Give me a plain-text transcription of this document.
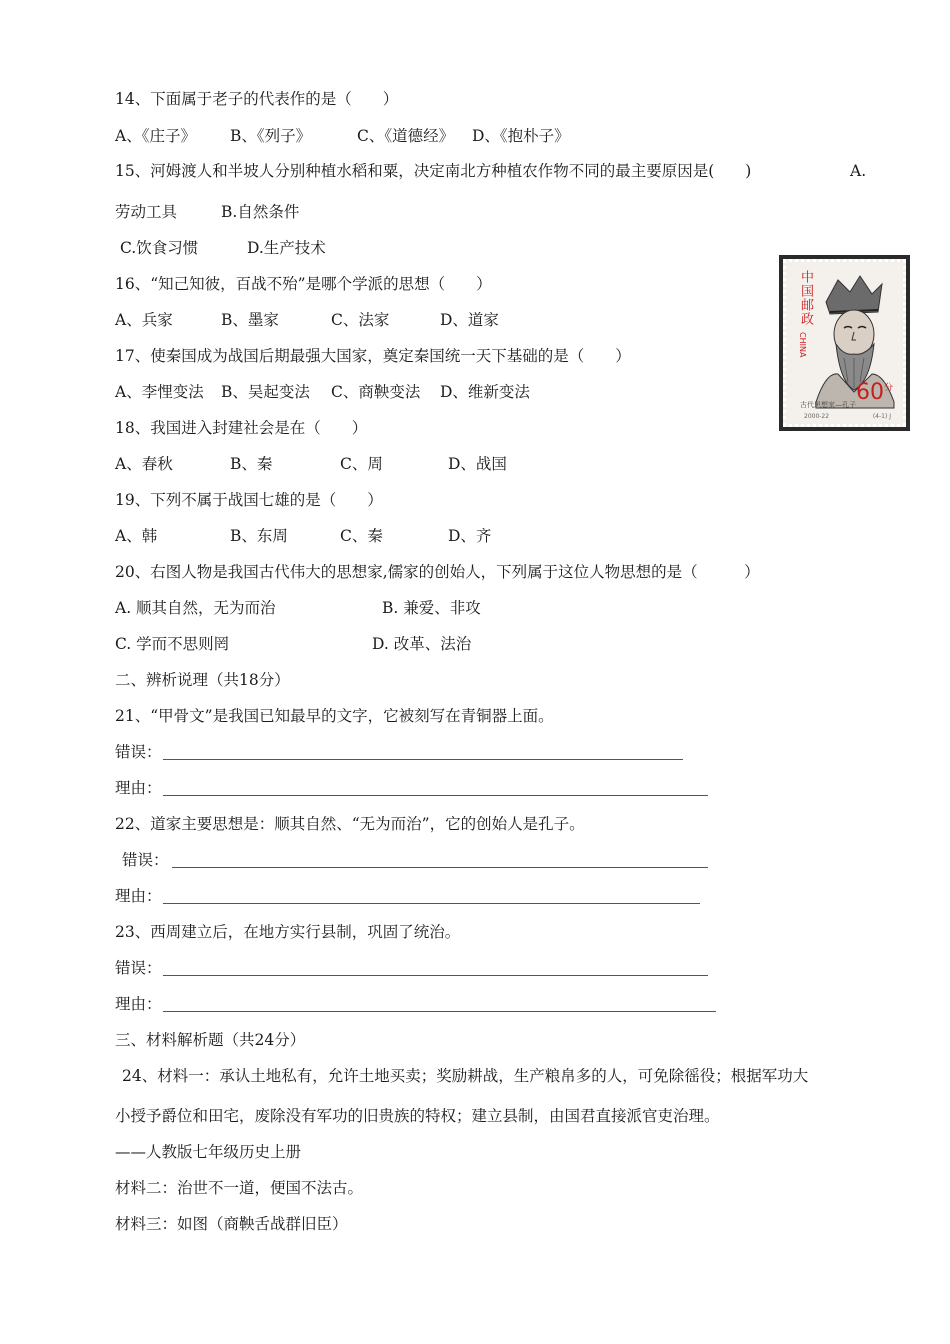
14、下面属于老子的代表作的是（　　）
A、《庄子》 B、《列子》	C、《道德经》 D、《抱朴子》
15、河姆渡人和半坡人分别种植水稻和粟，决定南北方种植农作物不同的最主要原因是(　　)	A.
劳动工具	B.自然条件
C.饮食习惯	D.生产技术
16、“知己知彼，百战不殆”是哪个学派的思想（　　）
A、兵家	B、墨家	C、法家	D、道家
17、使秦国成为战国后期最强大国家，奠定秦国统一天下基础的是（　　）
A、李悝变法 B、吴起变法 C、商鞅变法 D、维新变法
18、我国进入封建社会是在（　　）
A、春秋	B、秦	C、周	D、战国
19、下列不属于战国七雄的是（　　）
A、韩	B、东周	C、秦	D、齐
20、右图人物是我国古代伟大的思想家,儒家的创始人，下列属于这位人物思想的是（　　　）
A. 顺其自然，无为而治	B. 兼爱、非攻
C. 学而不思则罔	D. 改革、法治
二、辨析说理（共18分）
21、“甲骨文”是我国已知最早的文字，它被刻写在青铜器上面。
错误：
理由：
22、道家主要思想是：顺其自然、“无为而治”，它的创始人是孔子。
错误：
理由：
23、西周建立后，在地方实行县制，巩固了统治。
错误：
理由：
三、材料解析题（共24分）
24、材料一：承认土地私有，允许土地买卖；奖励耕战，生产粮帛多的人，可免除徭役；根据军功大
小授予爵位和田宅，废除没有军功的旧贵族的特权；建立县制，由国君直接派官吏治理。
——人教版七年级历史上册
材料二：治世不一道，便国不法古。
材料三：如图（商鞅舌战群旧臣）
中国邮政
CHINA
$60^分$
古代思想家—孔子
2000-22	(4-1) J
